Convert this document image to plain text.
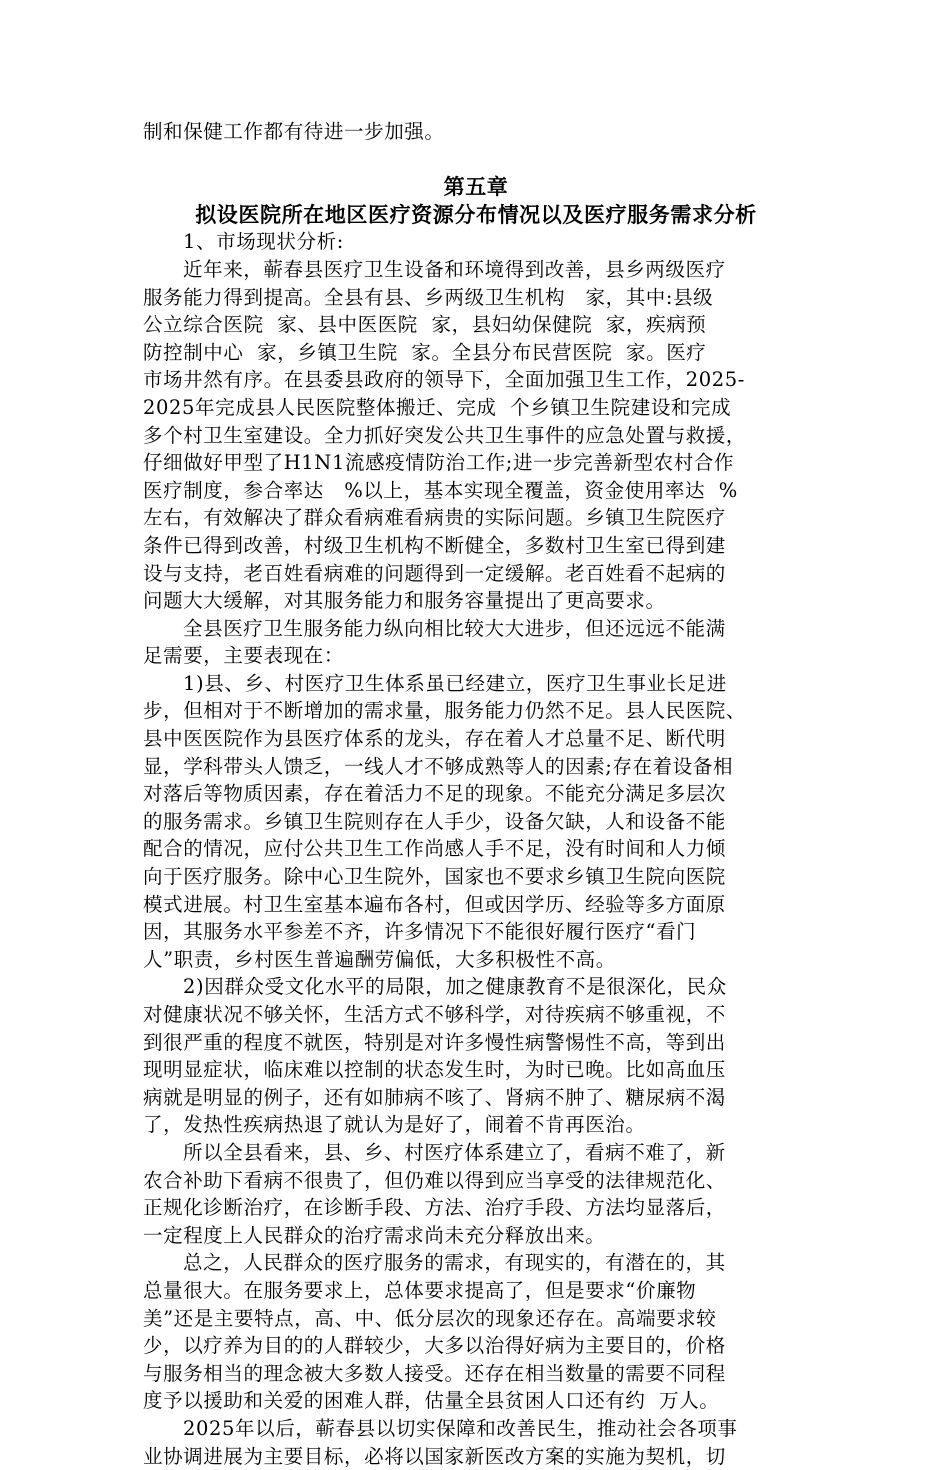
制和保健工作都有待进一步加强。
第五章
拟设医院所在地区医疗资源分布情况以及医疗服务需求分析
1、市场现状分析:
近年来，蕲春县医疗卫生设备和环境得到改善，县乡两级医疗
服务能力得到提高。全县有县、乡两级卫生机构   家，其中:县级
公立综合医院  家、县中医医院  家，县妇幼保健院  家，疾病预
防控制中心  家，乡镇卫生院  家。全县分布民营医院  家。医疗
市场井然有序。在县委县政府的领导下，全面加强卫生工作，2025-
2025年完成县人民医院整体搬迁、完成  个乡镇卫生院建设和完成
多个村卫生室建设。全力抓好突发公共卫生事件的应急处置与救援，
仔细做好甲型了H1N1流感疫情防治工作;进一步完善新型农村合作
医疗制度，参合率达   %以上，基本实现全覆盖，资金使用率达  %
左右，有效解决了群众看病难看病贵的实际问题。乡镇卫生院医疗
条件已得到改善，村级卫生机构不断健全，多数村卫生室已得到建
设与支持，老百姓看病难的问题得到一定缓解。老百姓看不起病的
问题大大缓解，对其服务能力和服务容量提出了更高要求。
全县医疗卫生服务能力纵向相比较大大进步，但还远远不能满
足需要，主要表现在：
1)县、乡、村医疗卫生体系虽已经建立，医疗卫生事业长足进
步，但相对于不断增加的需求量，服务能力仍然不足。县人民医院、
县中医医院作为县医疗体系的龙头，存在着人才总量不足、断代明
显，学科带头人馈乏，一线人才不够成熟等人的因素;存在着设备相
对落后等物质因素，存在着活力不足的现象。不能充分满足多层次
的服务需求。乡镇卫生院则存在人手少，设备欠缺，人和设备不能
配合的情况，应付公共卫生工作尚感人手不足，没有时间和人力倾
向于医疗服务。除中心卫生院外，国家也不要求乡镇卫生院向医院
模式进展。村卫生室基本遍布各村，但或因学历、经验等多方面原
因，其服务水平参差不齐，许多情况下不能很好履行医疗“看门
人”职责，乡村医生普遍酬劳偏低，大多积极性不高。
2)因群众受文化水平的局限，加之健康教育不是很深化，民众
对健康状况不够关怀，生活方式不够科学，对待疾病不够重视，不
到很严重的程度不就医，特别是对许多慢性病警惕性不高，等到出
现明显症状，临床难以控制的状态发生时，为时已晚。比如高血压
病就是明显的例子，还有如肺病不咳了、肾病不肿了、糖尿病不渴
了，发热性疾病热退了就认为是好了，闹着不肯再医治。
所以全县看来，县、乡、村医疗体系建立了，看病不难了，新
农合补助下看病不很贵了，但仍难以得到应当享受的法律规范化、
正规化诊断治疗，在诊断手段、方法、治疗手段、方法均显落后，
一定程度上人民群众的治疗需求尚未充分释放出来。
总之，人民群众的医疗服务的需求，有现实的，有潜在的，其
总量很大。在服务要求上，总体要求提高了，但是要求“价廉物
美”还是主要特点，高、中、低分层次的现象还存在。高端要求较
少，以疗养为目的的人群较少，大多以治得好病为主要目的，价格
与服务相当的理念被大多数人接受。还存在相当数量的需要不同程
度予以援助和关爱的困难人群，估量全县贫困人口还有约  万人。
2025年以后，蕲春县以切实保障和改善民生，推动社会各项事
业协调进展为主要目标，必将以国家新医改方案的实施为契机，切
